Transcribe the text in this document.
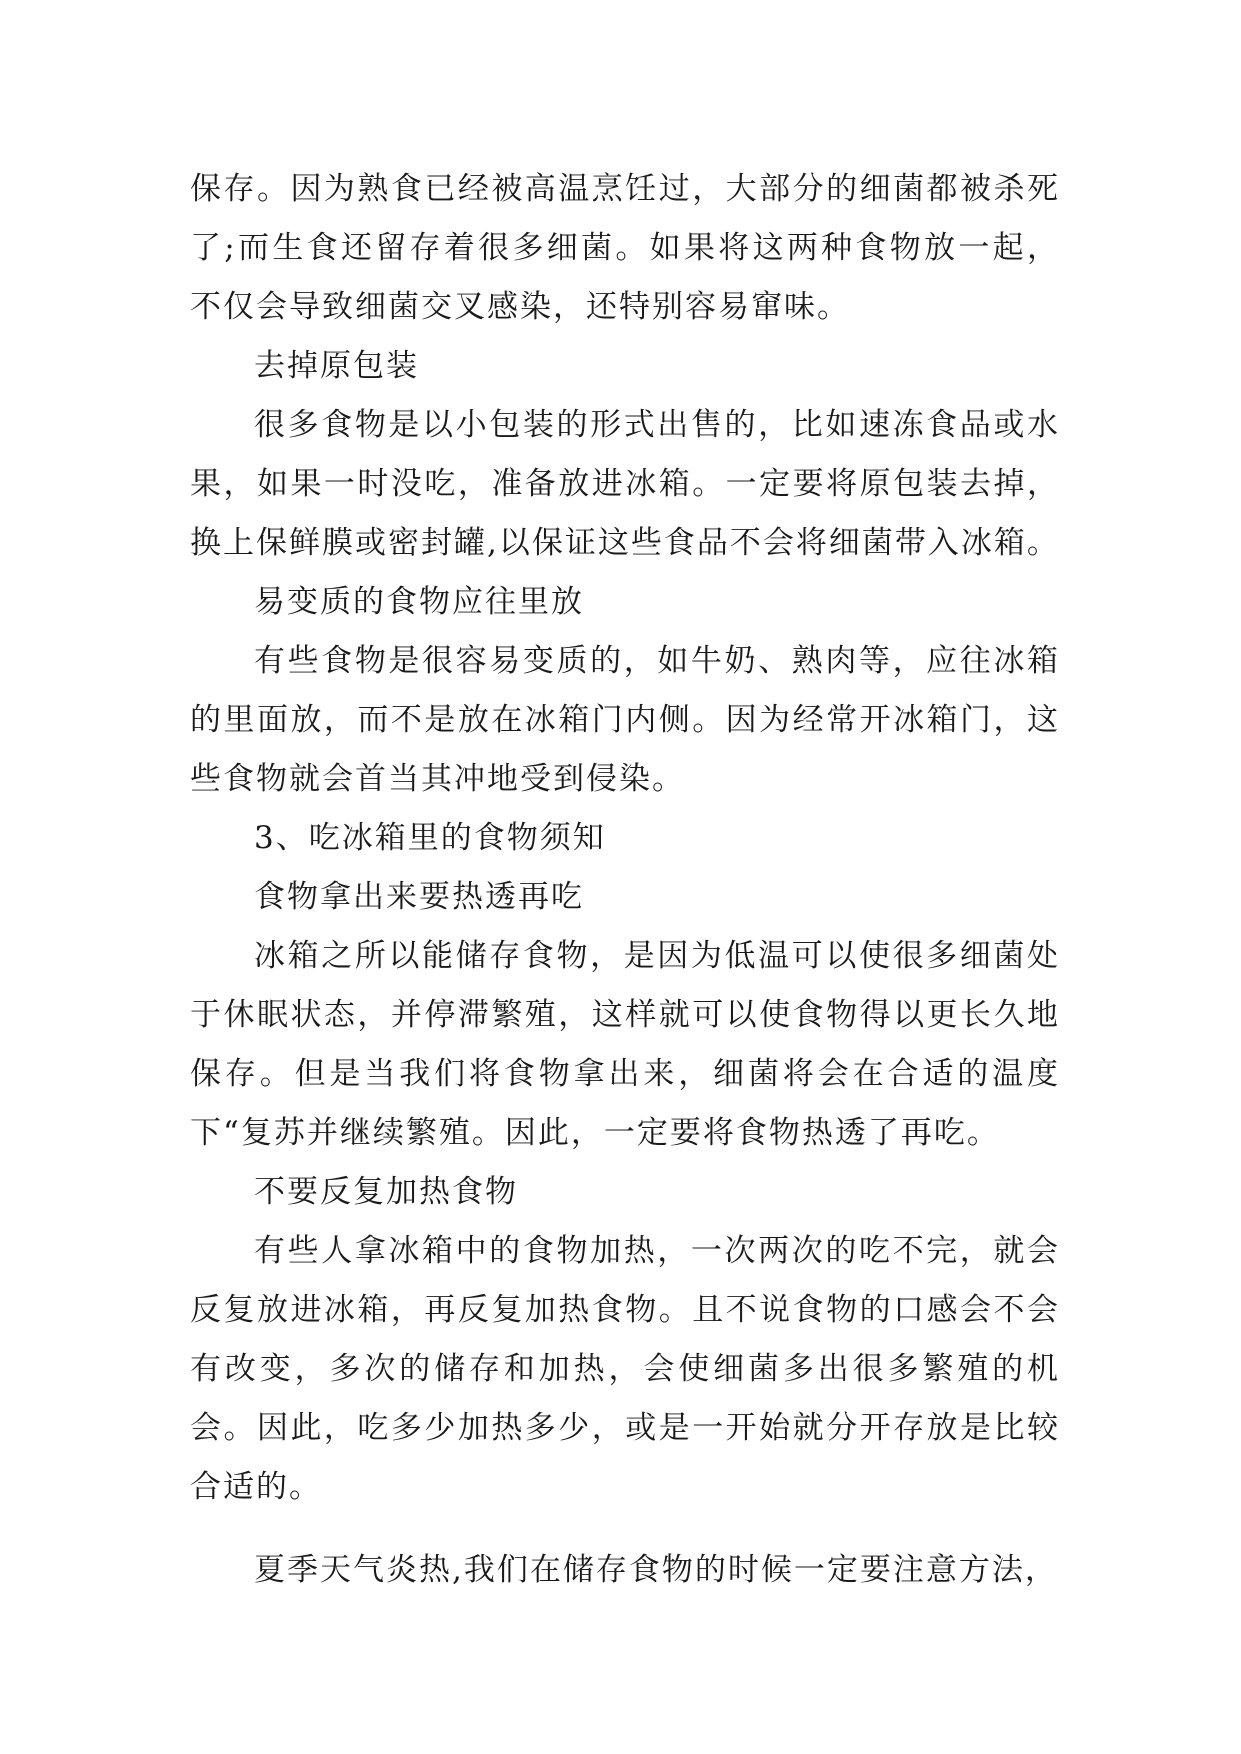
保存。因为熟食已经被高温烹饪过，大部分的细菌都被杀死了;而生食还留存着很多细菌。如果将这两种食物放一起，不仅会导致细菌交叉感染，还特别容易窜味。

去掉原包装

很多食物是以小包装的形式出售的，比如速冻食品或水果，如果一时没吃，准备放进冰箱。一定要将原包装去掉，换上保鲜膜或密封罐,以保证这些食品不会将细菌带入冰箱。

易变质的食物应往里放

有些食物是很容易变质的，如牛奶、熟肉等，应往冰箱的里面放，而不是放在冰箱门内侧。因为经常开冰箱门，这些食物就会首当其冲地受到侵染。

3、吃冰箱里的食物须知

食物拿出来要热透再吃

冰箱之所以能储存食物，是因为低温可以使很多细菌处于休眠状态，并停滞繁殖，这样就可以使食物得以更长久地保存。但是当我们将食物拿出来，细菌将会在合适的温度下“复苏并继续繁殖。因此，一定要将食物热透了再吃。

不要反复加热食物

有些人拿冰箱中的食物加热，一次两次的吃不完，就会反复放进冰箱，再反复加热食物。且不说食物的口感会不会有改变，多次的储存和加热，会使细菌多出很多繁殖的机会。因此，吃多少加热多少，或是一开始就分开存放是比较合适的。

夏季天气炎热,我们在储存食物的时候一定要注意方法，
